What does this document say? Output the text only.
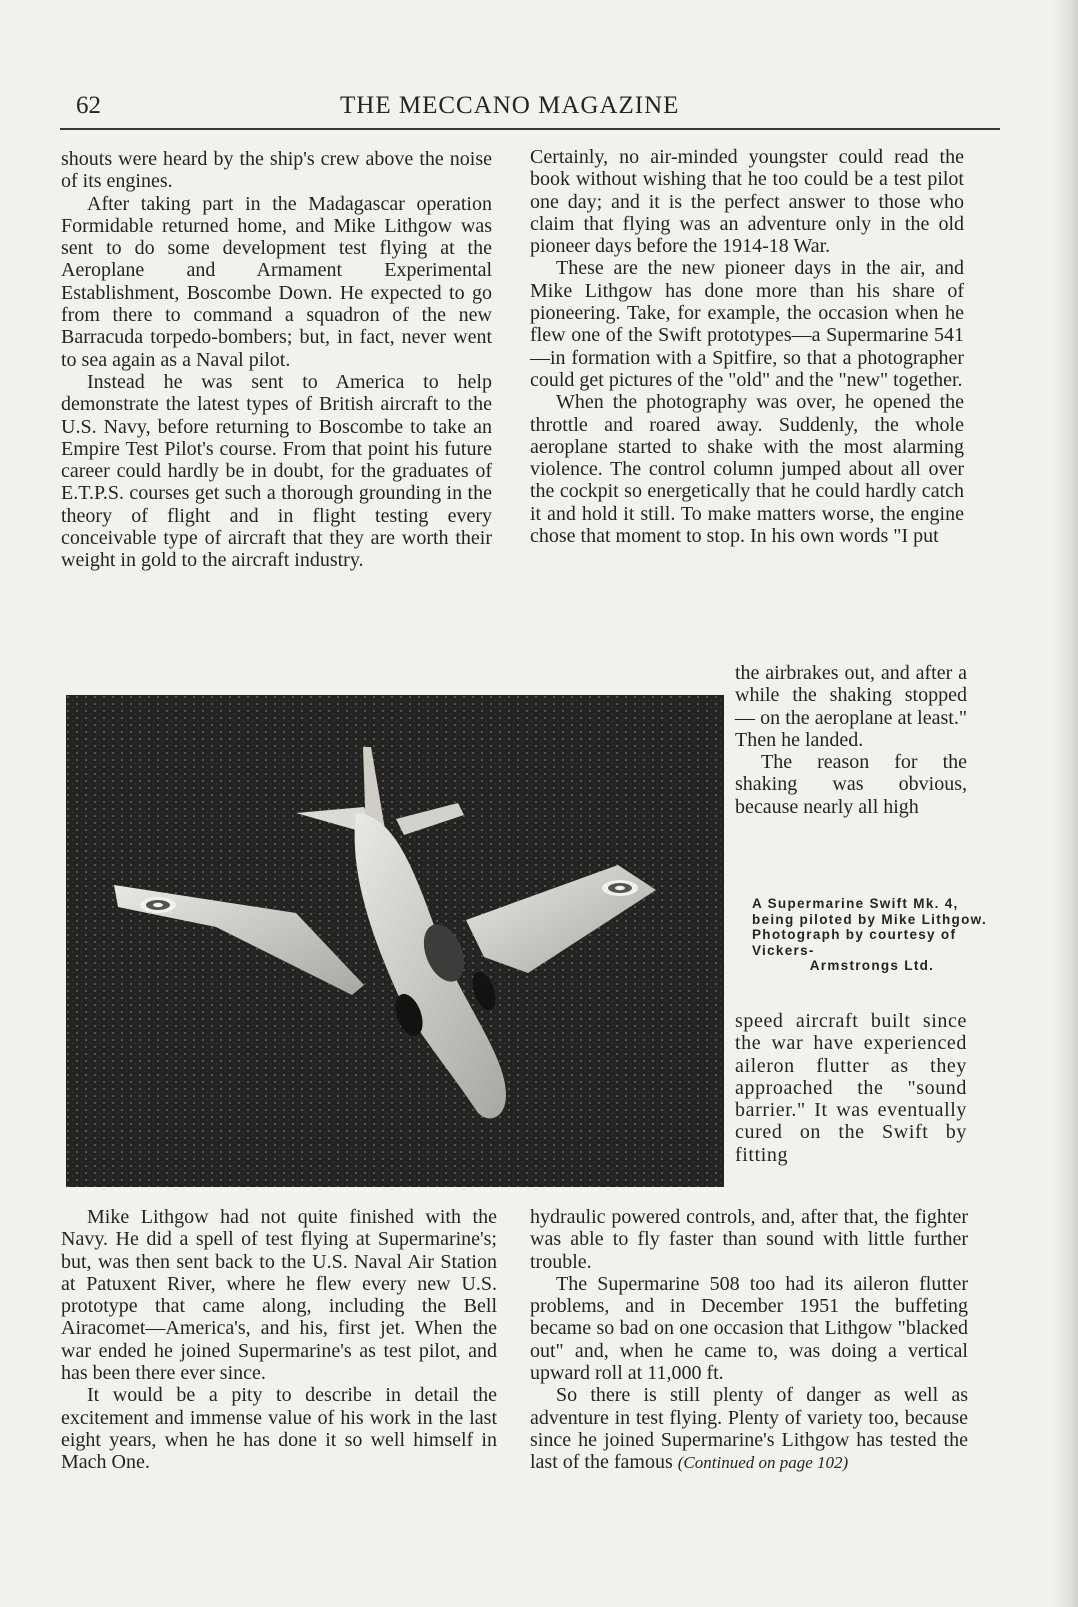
62	THE MECCANO MAGAZINE

shouts were heard by the ship's crew above the noise of its engines.

After taking part in the Madagascar operation Formidable returned home, and Mike Lithgow was sent to do some development test flying at the Aeroplane and Armament Experimental Establishment, Boscombe Down. He expected to go from there to command a squadron of the new Barracuda torpedo-bombers; but, in fact, never went to sea again as a Naval pilot.

Instead he was sent to America to help demonstrate the latest types of British aircraft to the U.S. Navy, before returning to Boscombe to take an Empire Test Pilot's course. From that point his future career could hardly be in doubt, for the graduates of E.T.P.S. courses get such a thorough grounding in the theory of flight and in flight testing every conceivable type of aircraft that they are worth their weight in gold to the aircraft industry.

Certainly, no air-minded youngster could read the book without wishing that he too could be a test pilot one day; and it is the perfect answer to those who claim that flying was an adventure only in the old pioneer days before the 1914-18 War.

These are the new pioneer days in the air, and Mike Lithgow has done more than his share of pioneering. Take, for example, the occasion when he flew one of the Swift prototypes—a Supermarine 541—in formation with a Spitfire, so that a photographer could get pictures of the "old" and the "new" together.

When the photography was over, he opened the throttle and roared away. Suddenly, the whole aeroplane started to shake with the most alarming violence. The control column jumped about all over the cockpit so energetically that he could hardly catch it and hold it still. To make matters worse, the engine chose that moment to stop. In his own words "I put

the airbrakes out, and after a while the shaking stopped — on the aeroplane at least." Then he landed.

The reason for the shaking was obvious, because nearly all high

A Supermarine Swift Mk. 4, being piloted by Mike Lithgow. Photograph by courtesy of Vickers-
Armstrongs Ltd.

speed aircraft built since the war have experienced aileron flutter as they approached the "sound barrier." It was eventually cured on the Swift by fitting

Mike Lithgow had not quite finished with the Navy. He did a spell of test flying at Supermarine's; but, was then sent back to the U.S. Naval Air Station at Patuxent River, where he flew every new U.S. prototype that came along, including the Bell Airacomet—America's, and his, first jet. When the war ended he joined Supermarine's as test pilot, and has been there ever since.

It would be a pity to describe in detail the excitement and immense value of his work in the last eight years, when he has done it so well himself in Mach One.

hydraulic powered controls, and, after that, the fighter was able to fly faster than sound with little further trouble.

The Supermarine 508 too had its aileron flutter problems, and in December 1951 the buffeting became so bad on one occasion that Lithgow "blacked out" and, when he came to, was doing a vertical upward roll at 11,000 ft.

So there is still plenty of danger as well as adventure in test flying. Plenty of variety too, because since he joined Supermarine's Lithgow has tested the last of the famous (Continued on page 102)
